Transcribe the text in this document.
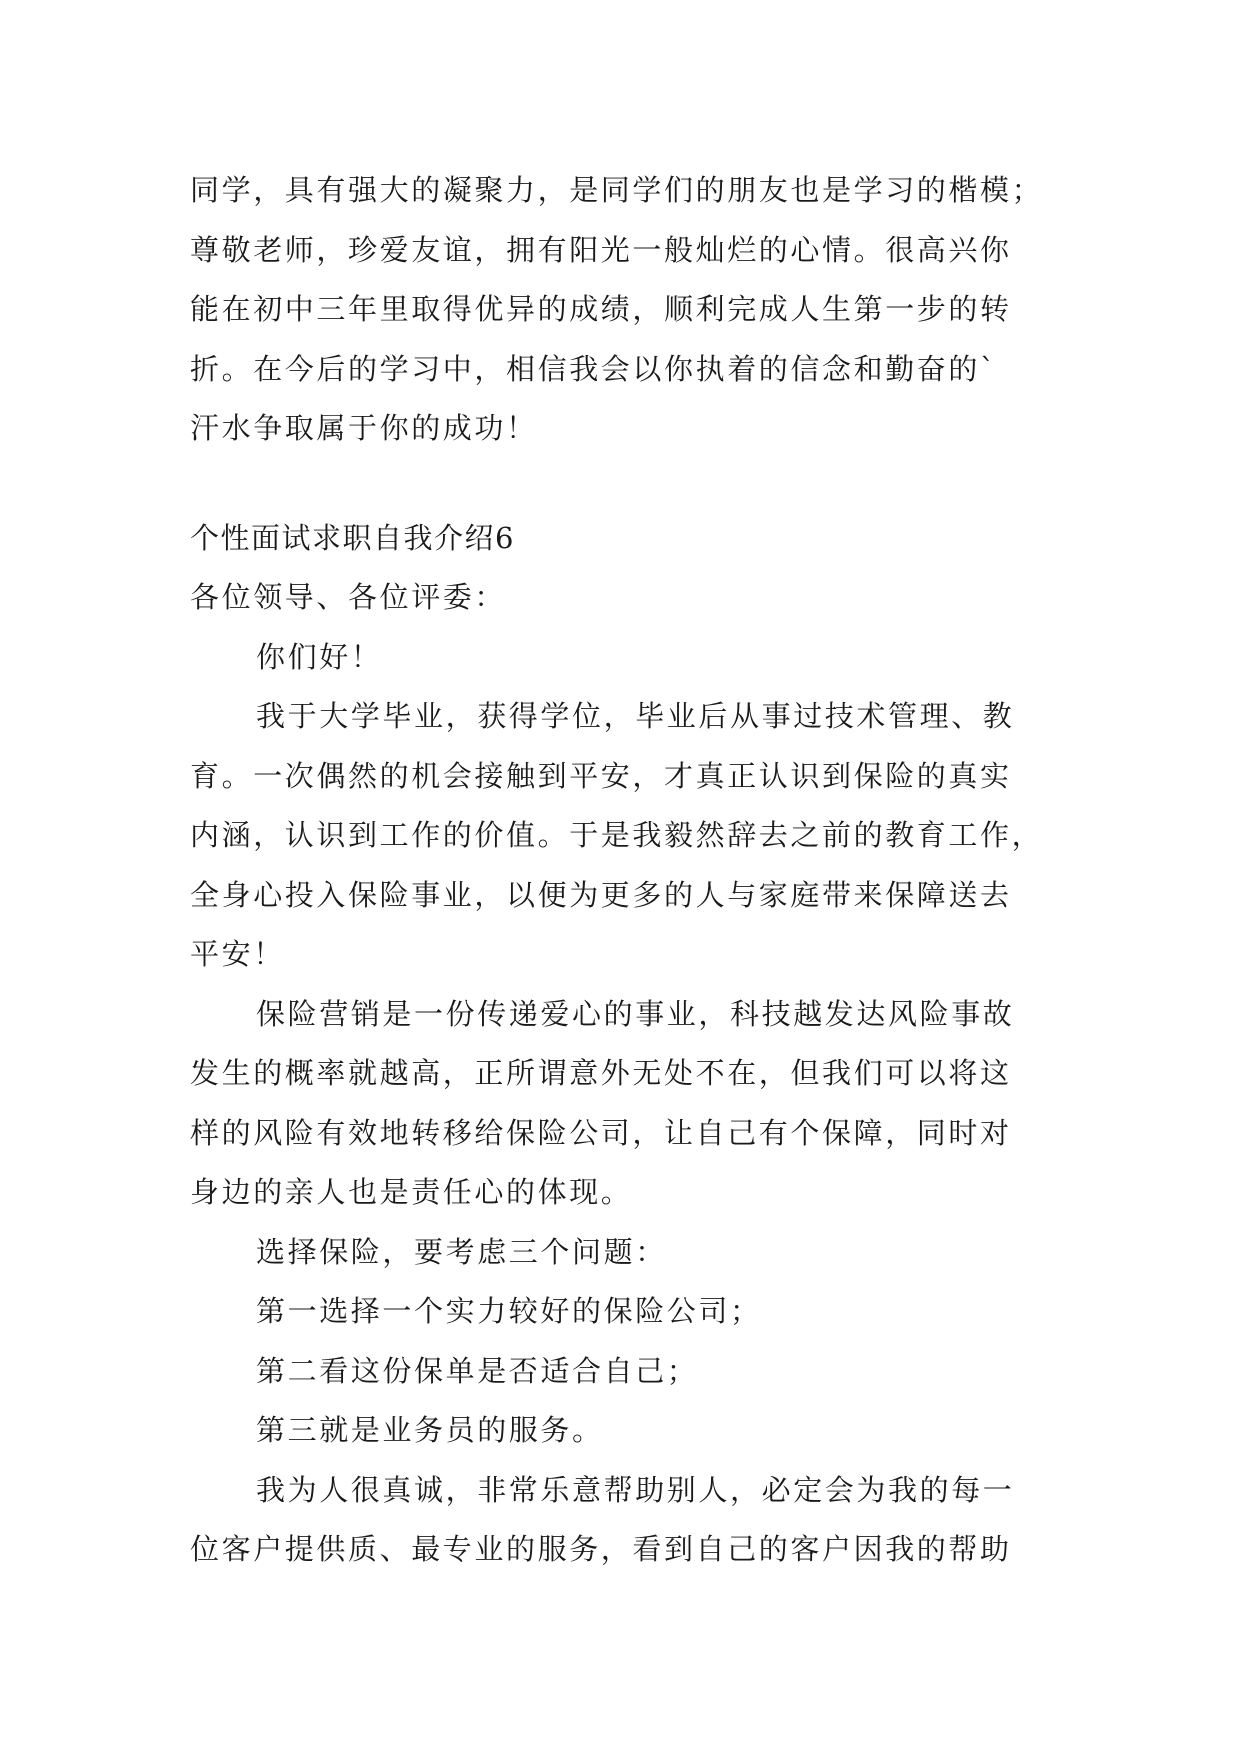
同学，具有强大的凝聚力，是同学们的朋友也是学习的楷模；

尊敬老师，珍爱友谊，拥有阳光一般灿烂的心情。很高兴你

能在初中三年里取得优异的成绩，顺利完成人生第一步的转

折。在今后的学习中，相信我会以你执着的信念和勤奋的`

汗水争取属于你的成功！

个性面试求职自我介绍6

各位领导、各位评委：

你们好！

我于大学毕业，获得学位，毕业后从事过技术管理、教

育。一次偶然的机会接触到平安，才真正认识到保险的真实

内涵，认识到工作的价值。于是我毅然辞去之前的教育工作，

全身心投入保险事业，以便为更多的人与家庭带来保障送去

平安！

保险营销是一份传递爱心的事业，科技越发达风险事故

发生的概率就越高，正所谓意外无处不在，但我们可以将这

样的风险有效地转移给保险公司，让自己有个保障，同时对

身边的亲人也是责任心的体现。

选择保险，要考虑三个问题：

第一选择一个实力较好的保险公司；

第二看这份保单是否适合自己；

第三就是业务员的服务。

我为人很真诚，非常乐意帮助别人，必定会为我的每一

位客户提供质、最专业的服务，看到自己的客户因我的帮助
